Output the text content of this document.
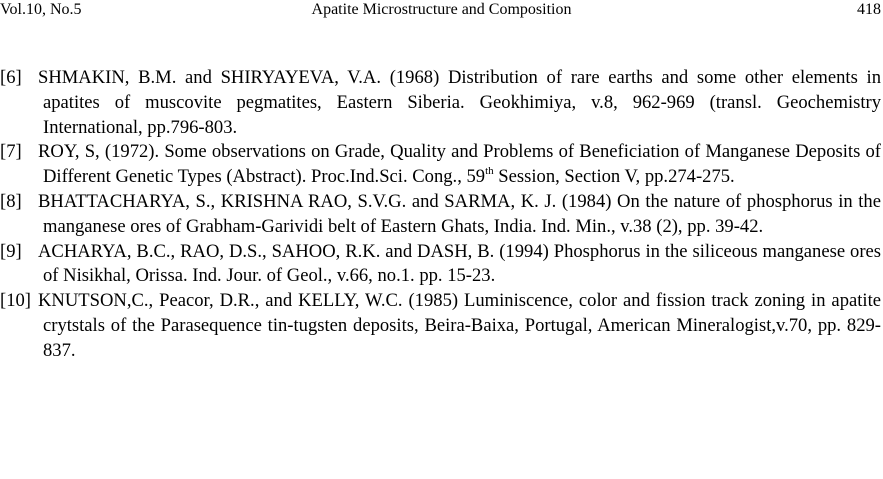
Vol.10, No.5	Apatite Microstructure and Composition	418
[6] SHMAKIN, B.M. and SHIRYAYEVA, V.A. (1968) Distribution of rare earths and some other elements in apatites of muscovite pegmatites, Eastern Siberia. Geokhimiya, v.8, 962-969 (transl. Geochemistry International, pp.796-803.
[7] ROY, S, (1972). Some observations on Grade, Quality and Problems of Beneficiation of Manganese Deposits of Different Genetic Types (Abstract). Proc.Ind.Sci. Cong., 59th Session, Section V, pp.274-275.
[8] BHATTACHARYA, S., KRISHNA RAO, S.V.G. and SARMA, K. J. (1984) On the nature of phosphorus in the manganese ores of Grabham-Garividi belt of Eastern Ghats, India. Ind. Min., v.38 (2), pp. 39-42.
[9] ACHARYA, B.C., RAO, D.S., SAHOO, R.K. and DASH, B. (1994) Phosphorus in the siliceous manganese ores of Nisikhal, Orissa. Ind. Jour. of Geol., v.66, no.1. pp. 15-23.
[10] KNUTSON,C., Peacor, D.R., and KELLY, W.C. (1985) Luminiscence, color and fission track zoning in apatite crytstals of the Parasequence tin-tugsten deposits, Beira-Baixa, Portugal, American Mineralogist,v.70, pp. 829-837.
